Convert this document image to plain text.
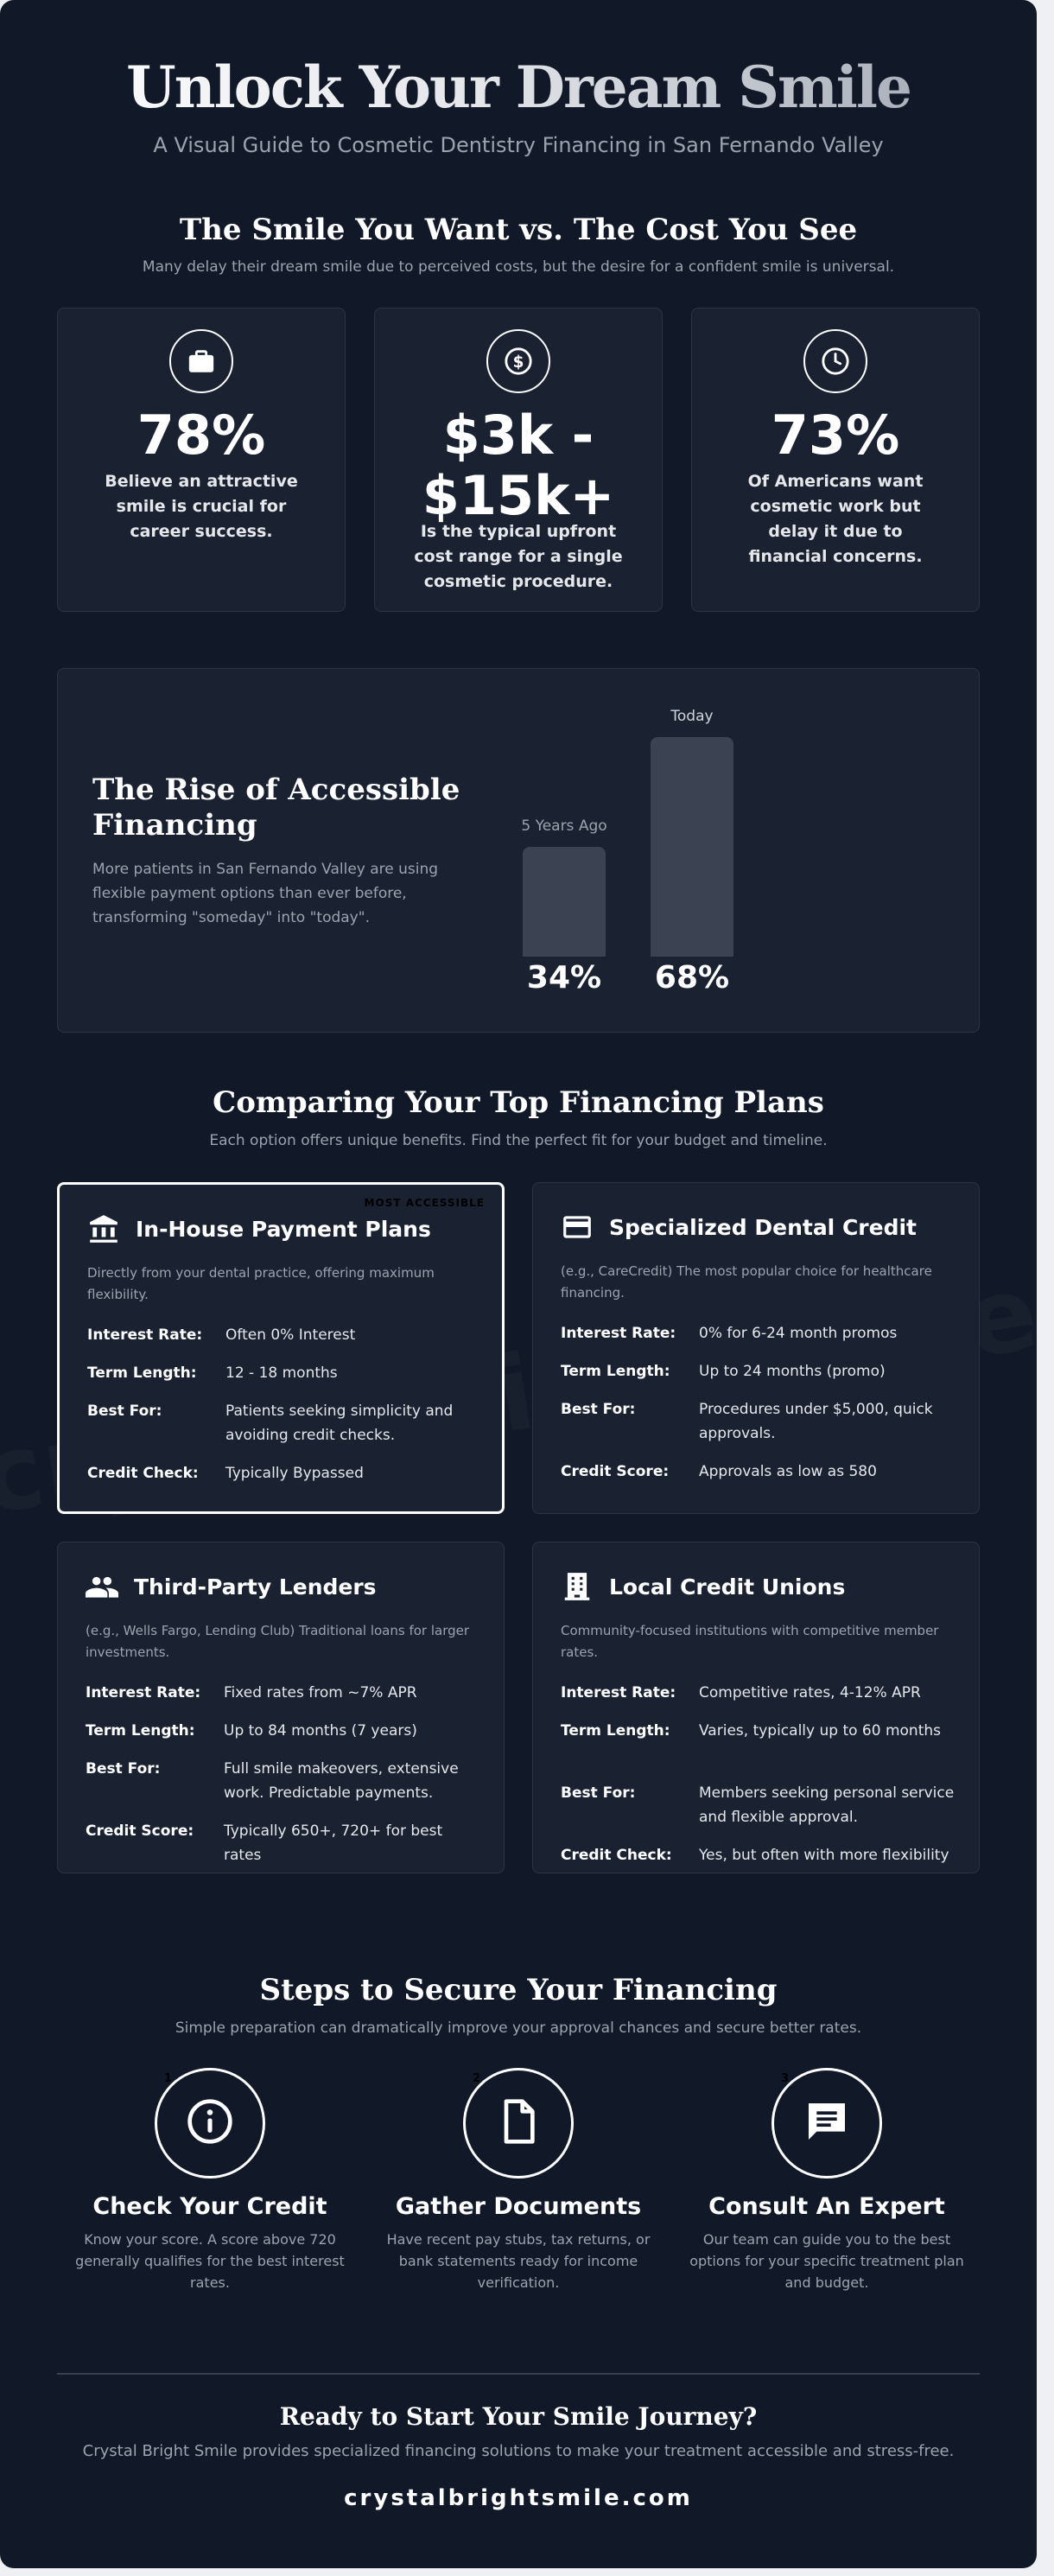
Unlock Your Dream Smile
A Visual Guide to Cosmetic Dentistry Financing in San Fernando Valley
The Smile You Want vs. The Cost You See
Many delay their dream smile due to perceived costs, but the desire for a confident smile is universal.
78%
Believe an attractive smile is crucial for career success.
$
$3k - $15k+
Is the typical upfront cost range for a single cosmetic procedure.
73%
Of Americans want cosmetic work but delay it due to financial concerns.
The Rise of Accessible Financing
More patients in San Fernando Valley are using flexible payment options than ever before, transforming "someday" into "today".
5 Years Ago
34%
Today
68%
Comparing Your Top Financing Plans
Each option offers unique benefits. Find the perfect fit for your budget and timeline.
MOST ACCESSIBLE
In-House Payment Plans
Directly from your dental practice, offering maximum flexibility.
Interest Rate:	Often 0% Interest
Term Length:	12 - 18 months
Best For:	Patients seeking simplicity and avoiding credit checks.
Credit Check:	Typically Bypassed
Specialized Dental Credit
(e.g., CareCredit) The most popular choice for healthcare financing.
Interest Rate:	0% for 6-24 month promos
Term Length:	Up to 24 months (promo)
Best For:	Procedures under $5,000, quick approvals.
Credit Score:	Approvals as low as 580
Third-Party Lenders
(e.g., Wells Fargo, Lending Club) Traditional loans for larger investments.
Interest Rate:	Fixed rates from ~7% APR
Term Length:	Up to 84 months (7 years)
Best For:	Full smile makeovers, extensive work. Predictable payments.
Credit Score:	Typically 650+, 720+ for best rates
Local Credit Unions
Community-focused institutions with competitive member rates.
Interest Rate:	Competitive rates, 4-12% APR
Term Length:	Varies, typically up to 60 months
Best For:	Members seeking personal service and flexible approval.
Credit Check:	Yes, but often with more flexibility
Steps to Secure Your Financing
Simple preparation can dramatically improve your approval chances and secure better rates.
1
Check Your Credit
Know your score. A score above 720 generally qualifies for the best interest rates.
2
Gather Documents
Have recent pay stubs, tax returns, or bank statements ready for income verification.
3
Consult An Expert
Our team can guide you to the best options for your specific treatment plan and budget.
Ready to Start Your Smile Journey?
Crystal Bright Smile provides specialized financing solutions to make your treatment accessible and stress-free.
crystalbrightsmile.com
